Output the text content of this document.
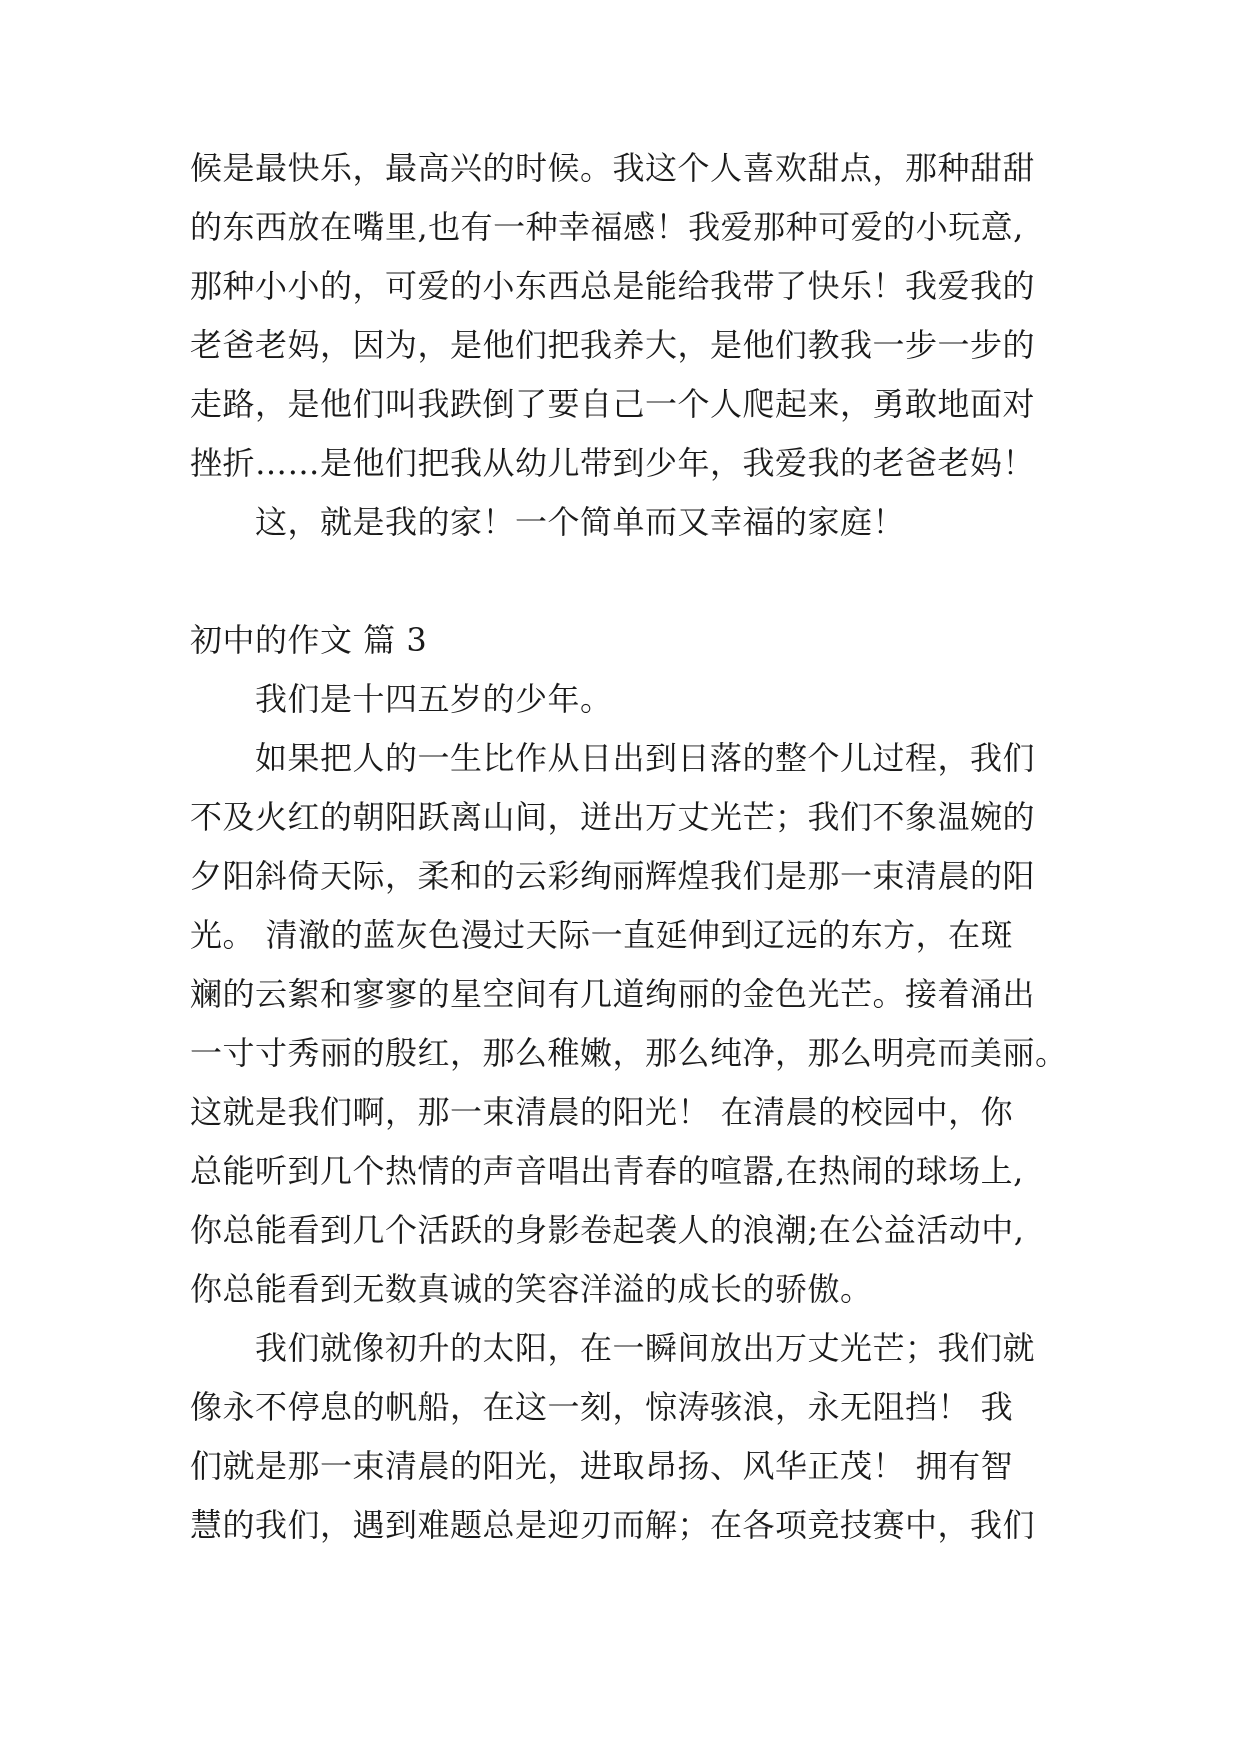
候是最快乐，最高兴的时候。我这个人喜欢甜点，那种甜甜
的东西放在嘴里,也有一种幸福感！我爱那种可爱的小玩意,
那种小小的，可爱的小东西总是能给我带了快乐！我爱我的
老爸老妈，因为，是他们把我养大，是他们教我一步一步的
走路，是他们叫我跌倒了要自己一个人爬起来，勇敢地面对
挫折……是他们把我从幼儿带到少年，我爱我的老爸老妈！
这，就是我的家！一个简单而又幸福的家庭！
初中的作文 篇 3
我们是十四五岁的少年。
如果把人的一生比作从日出到日落的整个儿过程，我们
不及火红的朝阳跃离山间，迸出万丈光芒；我们不象温婉的
夕阳斜倚天际，柔和的云彩绚丽辉煌我们是那一束清晨的阳
光。 清澈的蓝灰色漫过天际一直延伸到辽远的东方，在斑
斓的云絮和寥寥的星空间有几道绚丽的金色光芒。接着涌出
一寸寸秀丽的殷红，那么稚嫩，那么纯净，那么明亮而美丽。
这就是我们啊，那一束清晨的阳光！ 在清晨的校园中，你
总能听到几个热情的声音唱出青春的喧嚣,在热闹的球场上,
你总能看到几个活跃的身影卷起袭人的浪潮;在公益活动中,
你总能看到无数真诚的笑容洋溢的成长的骄傲。
我们就像初升的太阳，在一瞬间放出万丈光芒；我们就
像永不停息的帆船，在这一刻，惊涛骇浪，永无阻挡！ 我
们就是那一束清晨的阳光，进取昂扬、风华正茂！ 拥有智
慧的我们，遇到难题总是迎刃而解；在各项竞技赛中，我们
